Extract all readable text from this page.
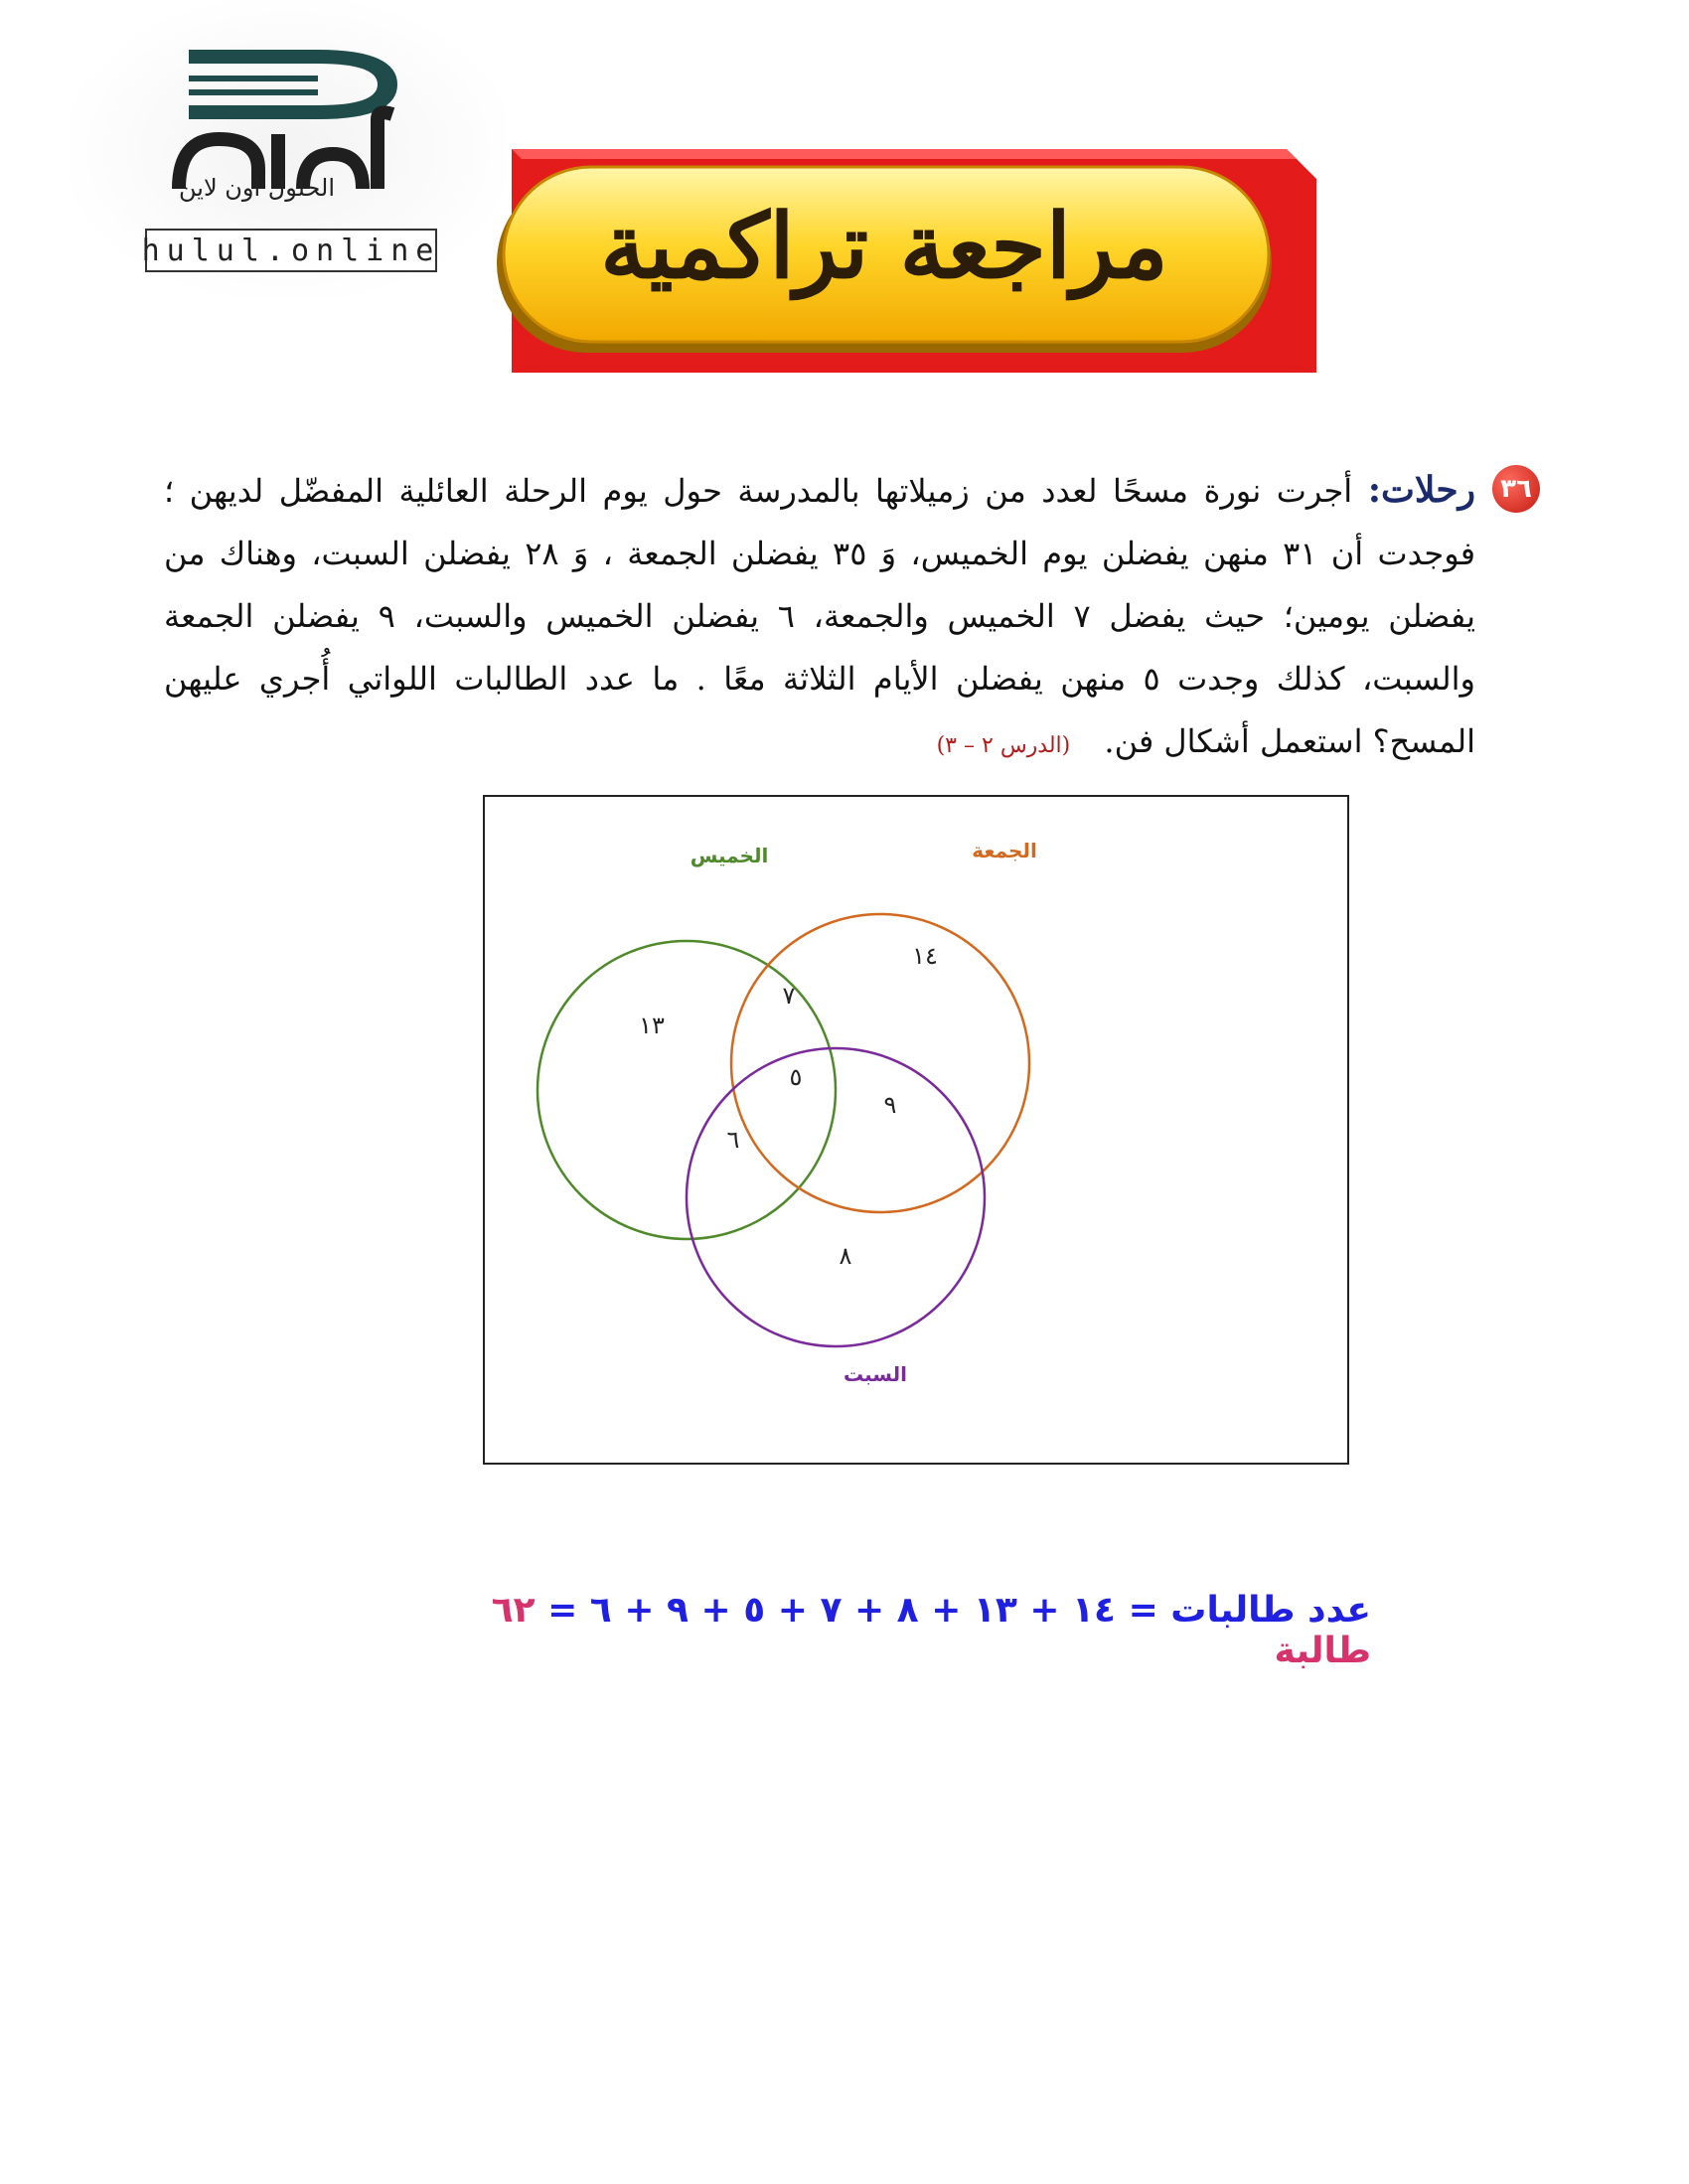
الحلول اون لاين
hulul.online	مراجعة تراكمية
٣٦
رحلات: أجرت نورة مسحًا لعدد من زميلاتها بالمدرسة حول يوم الرحلة العائلية المفضّل لديهن ؛ فوجدت أن ٣١ منهن يفضلن يوم الخميس، وَ ٣٥ يفضلن الجمعة ، وَ ٢٨ يفضلن السبت، وهناك من يفضلن يومين؛ حيث يفضل ٧ الخميس والجمعة، ٦ يفضلن الخميس والسبت، ٩ يفضلن الجمعة والسبت، كذلك وجدت ٥ منهن يفضلن الأيام الثلاثة معًا . ما عدد الطالبات اللواتي أُجري عليهن المسح؟ استعمل أشكال فن. (الدرس ٢ – ٣)
الخميس	الجمعة
السبت
١٣
١٤
٨
٧
٦
٩
٥
عدد طالبات = ١٤ + ١٣ + ٨ + ٧ + ٥ + ٩ + ٦ = ٦٢ طالبة
